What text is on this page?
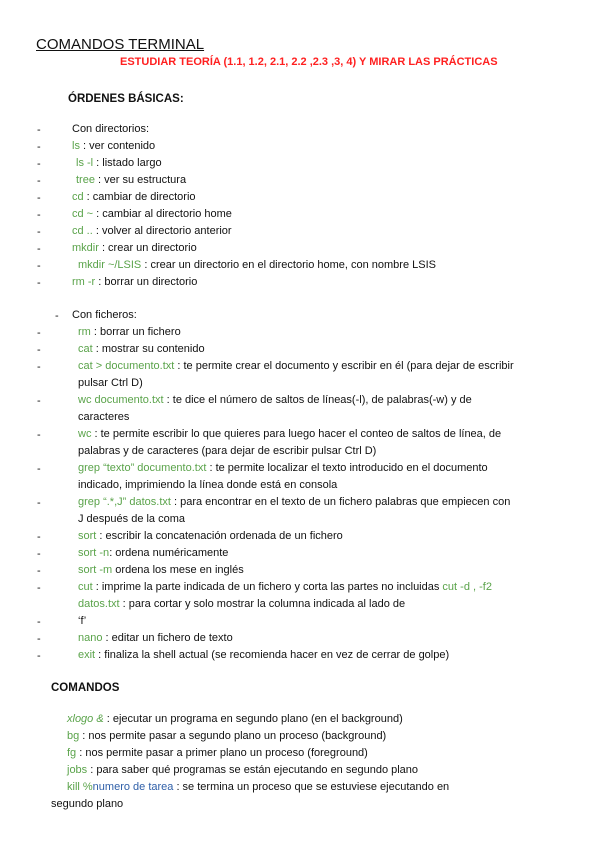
COMANDOS TERMINAL
ESTUDIAR TEORÍA (1.1, 1.2, 2.1, 2.2 ,2.3 ,3, 4) Y MIRAR LAS PRÁCTICAS
ÓRDENES BÁSICAS:
-	Con directorios:
-	ls : ver contenido
-	ls -l : listado largo
-	tree : ver su estructura
-	cd : cambiar de directorio
-	cd ~ : cambiar al directorio home
-	cd .. : volver al directorio anterior
-	mkdir : crear un directorio
-	mkdir ~/LSIS : crear un directorio en el directorio home, con nombre LSIS
-	rm -r : borrar un directorio
- Con ficheros:
-	rm : borrar un fichero
-	cat : mostrar su contenido
-	cat > documento.txt : te permite crear el documento y escribir en él (para dejar de escribir
pulsar Ctrl D)
-	wc documento.txt : te dice el número de saltos de líneas(-l), de palabras(-w) y de
caracteres
-	wc : te permite escribir lo que quieres para luego hacer el conteo de saltos de línea, de
palabras y de caracteres (para dejar de escribir pulsar Ctrl D)
-	grep “texto” documento.txt : te permite localizar el texto introducido en el documento
indicado, imprimiendo la línea donde está en consola
-	grep “.*,J” datos.txt : para encontrar en el texto de un fichero palabras que empiecen con
J después de la coma
-	sort : escribir la concatenación ordenada de un fichero
-	sort -n: ordena numéricamente
-	sort -m ordena los mese en inglés
-	cut : imprime la parte indicada de un fichero y corta las partes no incluidas cut -d , -f2
datos.txt : para cortar y solo mostrar la columna indicada al lado de
-	‘f’
-	nano : editar un fichero de texto
-	exit : finaliza la shell actual (se recomienda hacer en vez de cerrar de golpe)
COMANDOS
xlogo & : ejecutar un programa en segundo plano (en el background)
bg : nos permite pasar a segundo plano un proceso (background)
fg : nos permite pasar a primer plano un proceso (foreground)
jobs : para saber qué programas se están ejecutando en segundo plano
kill %numero de tarea : se termina un proceso que se estuviese ejecutando en
segundo plano
